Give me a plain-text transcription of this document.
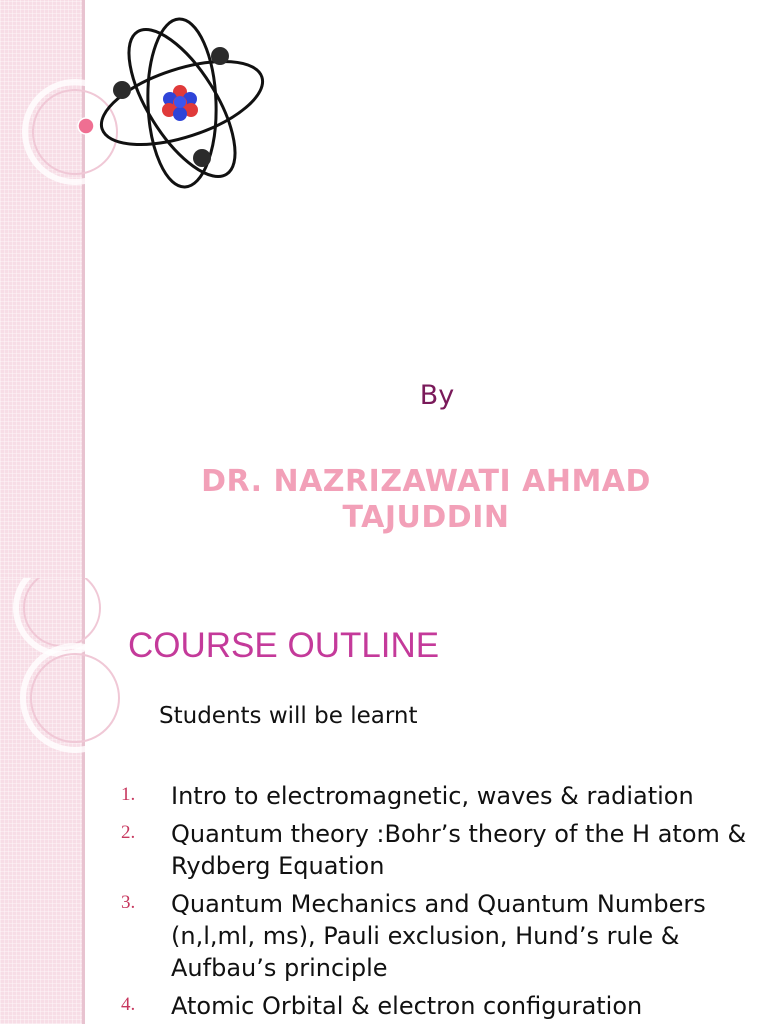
By
DR. NAZRIZAWATI AHMAD
TAJUDDIN
COURSE OUTLINE
Students will be learnt
1. Intro to electromagnetic, waves & radiation
2. Quantum theory :Bohr’s theory of the H atom & Rydberg Equation
3. Quantum Mechanics and Quantum Numbers (n,l,ml, ms), Pauli exclusion, Hund’s rule & Aufbau’s principle
4. Atomic Orbital & electron configuration
